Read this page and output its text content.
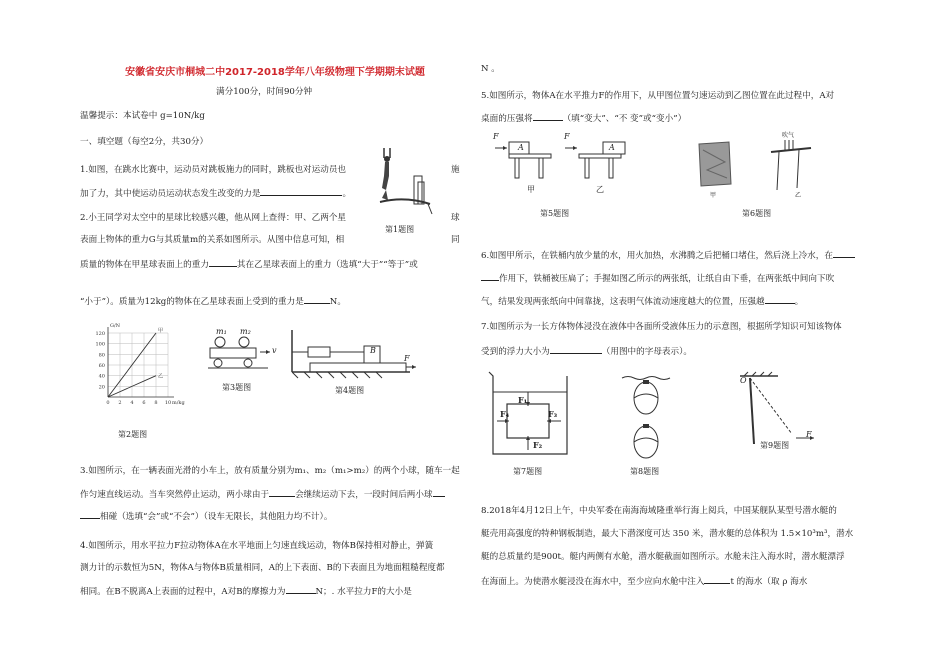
安徽省安庆市桐城二中2017-2018学年八年级物理下学期期末试题
满分100分，时间90分钟
温馨提示：本试卷中 g=10N/kg
一、填空题（每空2分，共30分）
1.如图，在跳水比赛中，运动员对跳板施力的同时，跳板也对运动员也	施
加了力，其中使运动员运动状态发生改变的力是	。
第1题图
2.小王同学对太空中的星球比较感兴趣，他从网上查得：甲、乙两个星	球
表面上物体的重力G与其质量m的关系如图所示。从图中信息可知，相	同
质量的物体在甲星球表面上的重力	其在乙星球表面上的重力（选填“大于”“等于”或
“小于”）。质量为12kg的物体在乙星球表面上受到的重力是	N。
20
40
60
80
100
120
0 2 4 6 8 10
G/N
m/kg
甲
乙
第2题图
m₁ m₂
v
第3题图
B
F
第4题图
3.如图所示，在一辆表面光滑的小车上，放有质量分别为m₁、m₂（m₁>m₂）的两个小球，随车一起
作匀速直线运动。当车突然停止运动，两小球由于	会继续运动下去，一段时间后两小球
相碰（选填“会”或“不会”）（设车无限长，其他阻力均不计）。
4.如图所示，用水平拉力F拉动物体A在水平地面上匀速直线运动，物体B保持相对静止，弹簧
测力计的示数恒为5N，物体A与物体B质量相同，A的上下表面、B的下表面且为地面粗糙程度都
相同。在B不脱离A上表面的过程中，A对B的摩擦力为	N；. 水平拉力F的大小是
N 。
5.如图所示，物体A在水平推力F的作用下，从甲图位置匀速运动到乙图位置在此过程中，A对
桌面的压强将	（填“变大”、“不 变”或“变小”）
F
A
F
A
甲	乙
第5题图
吹气
甲	乙
第6题图
6.如图甲所示，在铁桶内放少量的水，用火加热，水沸腾之后把桶口堵住，然后浇上冷水，在
作用下，铁桶被压扁了；手握如图乙所示的两张纸，让纸自由下垂，在两张纸中间向下吹
气，结果发现两张纸向中间靠拢，这表明气体流动速度越大的位置，压强越	。
7.如图所示为一长方体物体浸没在液体中各面所受液体压力的示意图，根据所学知识可知该物体
受到的浮力大小为	（用图中的字母表示）。
F₁
F₄	F₃
F₂
第7题图	第8题图
O
F
第9题图
8.2018年4月12日上午，中央军委在南海海域隆重举行海上阅兵，中国某舰队某型号潜水艇的
艇壳用高强度的特种钢板制造，最大下潜深度可达 350 米，潜水艇的总体积为 1.5×10³m³，潜水
艇的总质量约是900t。艇内两侧有水舱，潜水艇截面如图所示。水舱未注入海水时，潜水艇漂浮
在海面上。为使潜水艇浸没在海水中，至少应向水舱中注入	t 的海水（取 ρ 海水
